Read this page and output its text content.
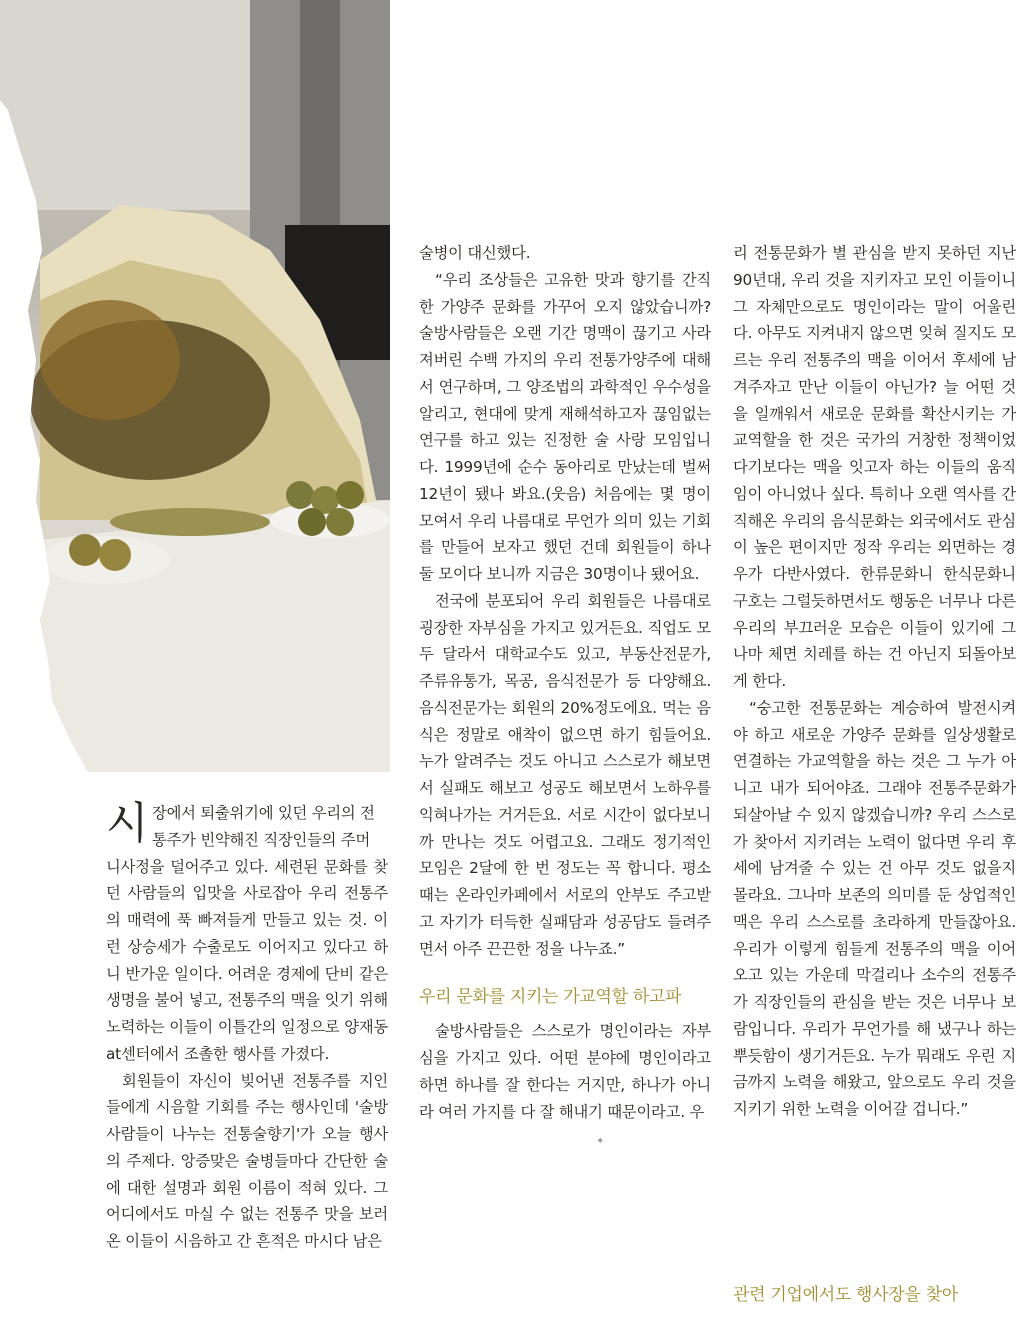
시 장에서 퇴출위기에 있던 우리의 전

통주가 빈약해진 직장인들의 주머

니사정을 덜어주고 있다. 세련된 문화를 찾던 사람들의 입맛을 사로잡아 우리 전통주의 매력에 푹 빠져들게 만들고 있는 것. 이런 상승세가 수출로도 이어지고 있다고 하니 반가운 일이다. 어려운 경제에 단비 같은 생명을 불어 넣고, 전통주의 맥을 잇기 위해 노력하는 이들이 이틀간의 일정으로 양재동 at센터에서 조촐한 행사를 가졌다.

회원들이 자신이 빚어낸 전통주를 지인들에게 시음할 기회를 주는 행사인데 '술방사람들이 나누는 전통술향기'가 오늘 행사의 주제다. 앙증맞은 술병들마다 간단한 술에 대한 설명과 회원 이름이 적혀 있다. 그 어디에서도 마실 수 없는 전통주 맛을 보러 온 이들이 시음하고 간 흔적은 마시다 남은

술병이 대신했다.

“우리 조상들은 고유한 맛과 향기를 간직한 가양주 문화를 가꾸어 오지 않았습니까? 술방사람들은 오랜 기간 명맥이 끊기고 사라져버린 수백 가지의 우리 전통가양주에 대해서 연구하며, 그 양조법의 과학적인 우수성을 알리고, 현대에 맞게 재해석하고자 끊임없는 연구를 하고 있는 진정한 술 사랑 모임입니다. 1999년에 순수 동아리로 만났는데 벌써 12년이 됐나 봐요.(웃음) 처음에는 몇 명이 모여서 우리 나름대로 무언가 의미 있는 기회를 만들어 보자고 했던 건데 회원들이 하나 둘 모이다 보니까 지금은 30명이나 됐어요.

전국에 분포되어 우리 회원들은 나름대로 굉장한 자부심을 가지고 있거든요. 직업도 모두 달라서 대학교수도 있고, 부동산전문가, 주류유통가, 목공, 음식전문가 등 다양해요. 음식전문가는 회원의 20%정도에요. 먹는 음식은 정말로 애착이 없으면 하기 힘들어요. 누가 알려주는 것도 아니고 스스로가 해보면서 실패도 해보고 성공도 해보면서 노하우를 익혀나가는 거거든요. 서로 시간이 없다보니까 만나는 것도 어렵고요. 그래도 정기적인 모임은 2달에 한 번 정도는 꼭 합니다. 평소 때는 온라인카페에서 서로의 안부도 주고받고 자기가 터득한 실패담과 성공담도 들려주면서 아주 끈끈한 정을 나누죠.”

우리 문화를 지키는 가교역할 하고파

술방사람들은 스스로가 명인이라는 자부심을 가지고 있다. 어떤 분야에 명인이라고 하면 하나를 잘 한다는 거지만, 하나가 아니라 여러 가지를 다 잘 해내기 때문이라고. 우

✦

리 전통문화가 별 관심을 받지 못하던 지난 90년대, 우리 것을 지키자고 모인 이들이니 그 자체만으로도 명인이라는 말이 어울린다. 아무도 지켜내지 않으면 잊혀 질지도 모르는 우리 전통주의 맥을 이어서 후세에 남겨주자고 만난 이들이 아닌가? 늘 어떤 것을 일깨워서 새로운 문화를 확산시키는 가교역할을 한 것은 국가의 거창한 정책이었다기보다는 맥을 잇고자 하는 이들의 움직임이 아니었나 싶다. 특히나 오랜 역사를 간직해온 우리의 음식문화는 외국에서도 관심이 높은 편이지만 정작 우리는 외면하는 경우가 다반사였다. 한류문화니 한식문화니 구호는 그럴듯하면서도 행동은 너무나 다른 우리의 부끄러운 모습은 이들이 있기에 그나마 체면 치레를 하는 건 아닌지 되돌아보게 한다.

“숭고한 전통문화는 계승하여 발전시켜야 하고 새로운 가양주 문화를 일상생활로 연결하는 가교역할을 하는 것은 그 누가 아니고 내가 되어야죠. 그래야 전통주문화가 되살아날 수 있지 않겠습니까? 우리 스스로가 찾아서 지키려는 노력이 없다면 우리 후세에 남겨줄 수 있는 건 아무 것도 없을지 몰라요. 그나마 보존의 의미를 둔 상업적인 맥은 우리 스스로를 초라하게 만들잖아요. 우리가 이렇게 힘들게 전통주의 맥을 이어오고 있는 가운데 막걸리나 소수의 전통주가 직장인들의 관심을 받는 것은 너무나 보람입니다. 우리가 무언가를 해 냈구나 하는 뿌듯함이 생기거든요. 누가 뭐래도 우린 지금까지 노력을 해왔고, 앞으로도 우리 것을 지키기 위한 노력을 이어갈 겁니다.”

관련 기업에서도 행사장을 찾아
